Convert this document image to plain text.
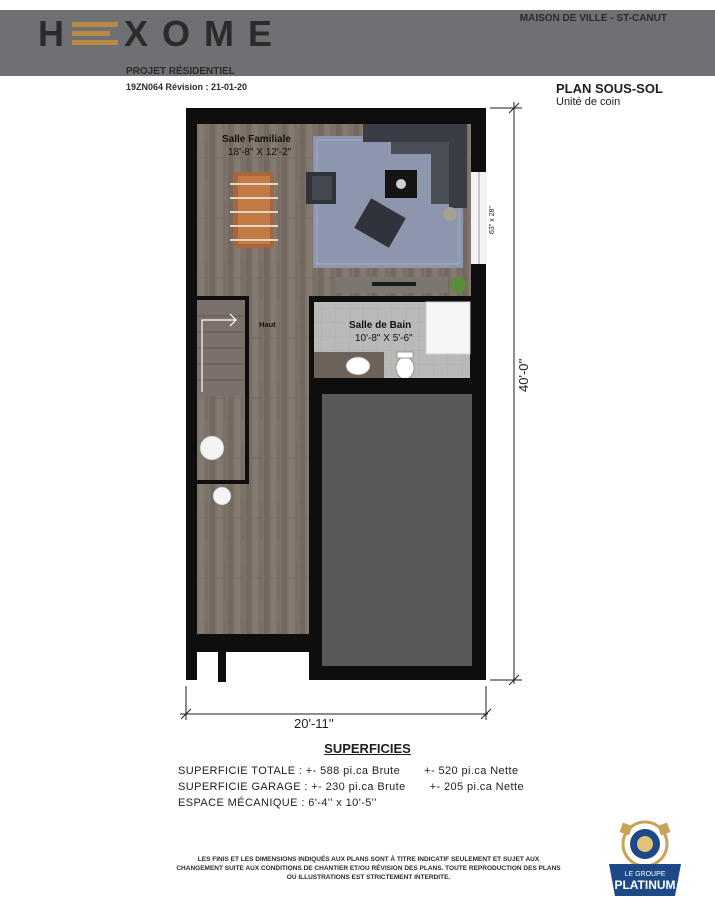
H XOME	MAISON DE VILLE - ST-CANUT
PROJET RÉSIDENTIEL
19ZN064 Révision : 21-01-20	PLAN SOUS-SOL
Unité de coin
Salle Familiale
18'-8" X 12'-2"
Salle de Bain
10'-8" X 5'-6"
Haut
63" x 28"
20'-11''
40'-0''
SUPERFICIES
SUPERFICIE TOTALE : +- 588 pi.ca Brute +- 520 pi.ca Nette
SUPERFICIE GARAGE : +- 230 pi.ca Brute +- 205 pi.ca Nette
ESPACE MÉCANIQUE : 6'-4'' x 10'-5''
LES FINIS ET LES DIMENSIONS INDIQUÉS AUX PLANS SONT À TITRE INDICATIF SEULEMENT ET SUJET AUX CHANGEMENT SUITE AUX CONDITIONS DE CHANTIER ET/OU RÉVISION DES PLANS. TOUTE REPRODUCTION DES PLANS OU ILLUSTRATIONS EST STRICTEMENT INTERDITE.	LE GROUPE
PLATINUM
